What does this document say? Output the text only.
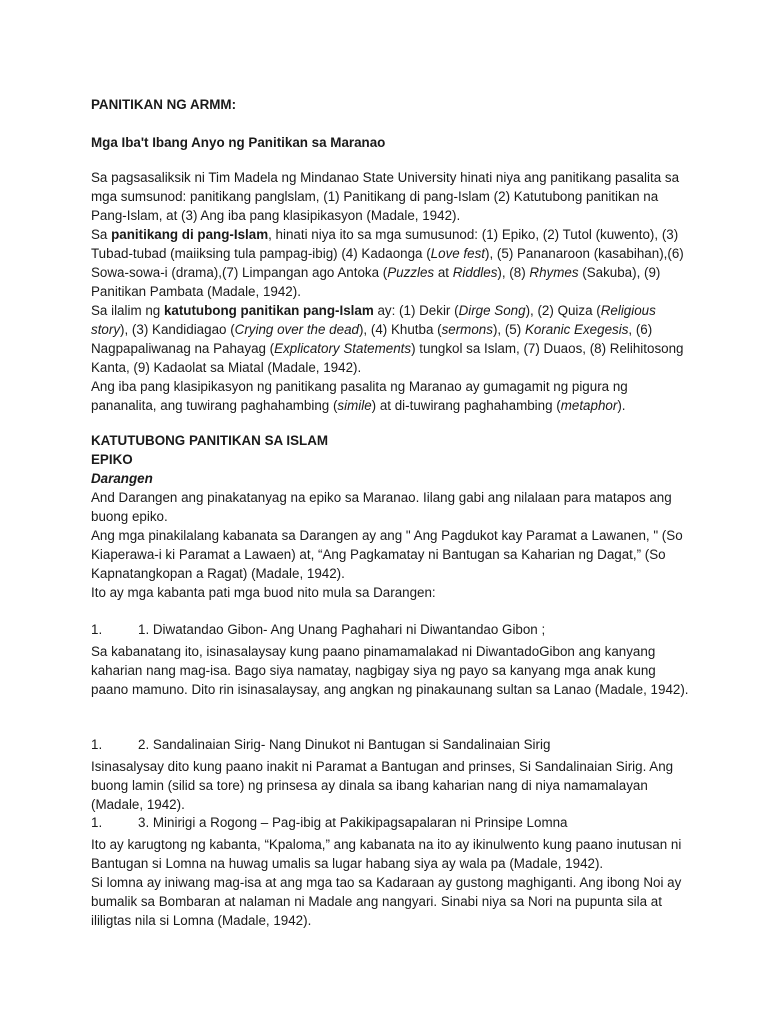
PANITIKAN NG ARMM:

Mga Iba't Ibang Anyo ng Panitikan sa Maranao

Sa pagsasaliksik ni Tim Madela ng Mindanao State University hinati niya ang panitikang pasalita sa mga sumsunod: panitikang panglslam, (1) Panitikang di pang-Islam (2) Katutubong panitikan na Pang-Islam, at (3) Ang iba pang klasipikasyon (Madale, 1942).

Sa panitikang di pang-Islam, hinati niya ito sa mga sumusunod: (1) Epiko, (2) Tutol (kuwento), (3) Tubad-tubad (maiiksing tula pampag-ibig) (4) Kadaonga (Love fest), (5) Pananaroon (kasabihan),(6) Sowa-sowa-i (drama),(7) Limpangan ago Antoka (Puzzles at Riddles), (8) Rhymes (Sakuba), (9) Panitikan Pambata (Madale, 1942).

Sa ilalim ng katutubong panitikan pang-Islam ay: (1) Dekir (Dirge Song), (2) Quiza (Religious story), (3) Kandidiagao (Crying over the dead), (4) Khutba (sermons), (5) Koranic Exegesis, (6) Nagpapaliwanag na Pahayag (Explicatory Statements) tungkol sa Islam, (7) Duaos, (8) Relihitosong Kanta, (9) Kadaolat sa Miatal (Madale, 1942).

Ang iba pang klasipikasyon ng panitikang pasalita ng Maranao ay gumagamit ng pigura ng pananalita, ang tuwirang paghahambing (simile) at di-tuwirang paghahambing (metaphor).

KATUTUBONG PANITIKAN SA ISLAM

EPIKO

Darangen

And Darangen ang pinakatanyag na epiko sa Maranao. Iilang gabi ang nilalaan para matapos ang buong epiko.

Ang mga pinakilalang kabanata sa Darangen ay ang " Ang Pagdukot kay Paramat a Lawanen, " (So Kiaperawa-i ki Paramat a Lawaen) at, “Ang Pagkamatay ni Bantugan sa Kaharian ng Dagat,” (So Kapnatangkopan a Ragat) (Madale, 1942).

Ito ay mga kabanta pati mga buod nito mula sa Darangen:

1.	1. Diwatandao Gibon- Ang Unang Paghahari ni Diwantandao Gibon ;

Sa kabanatang ito, isinasalaysay kung paano pinamamalakad ni DiwantadoGibon ang kanyang kaharian nang mag-isa. Bago siya namatay, nagbigay siya ng payo sa kanyang mga anak kung paano mamuno. Dito rin isinasalaysay, ang angkan ng pinakaunang sultan sa Lanao (Madale, 1942).

1.	2. Sandalinaian Sirig- Nang Dinukot ni Bantugan si Sandalinaian Sirig

Isinasalysay dito kung paano inakit ni Paramat a Bantugan and prinses, Si Sandalinaian Sirig. Ang buong lamin (silid sa tore) ng prinsesa ay dinala sa ibang kaharian nang di niya namamalayan (Madale, 1942).

1.	3. Minirigi a Rogong – Pag-ibig at Pakikipagsapalaran ni Prinsipe Lomna

Ito ay karugtong ng kabanta, “Kpaloma,” ang kabanata na ito ay ikinulwento kung paano inutusan ni Bantugan si Lomna na huwag umalis sa lugar habang siya ay wala pa (Madale, 1942).

Si lomna ay iniwang mag-isa at ang mga tao sa Kadaraan ay gustong maghiganti. Ang ibong Noi ay bumalik sa Bombaran at nalaman ni Madale ang nangyari. Sinabi niya sa Nori na pupunta sila at ililigtas nila si Lomna (Madale, 1942).
